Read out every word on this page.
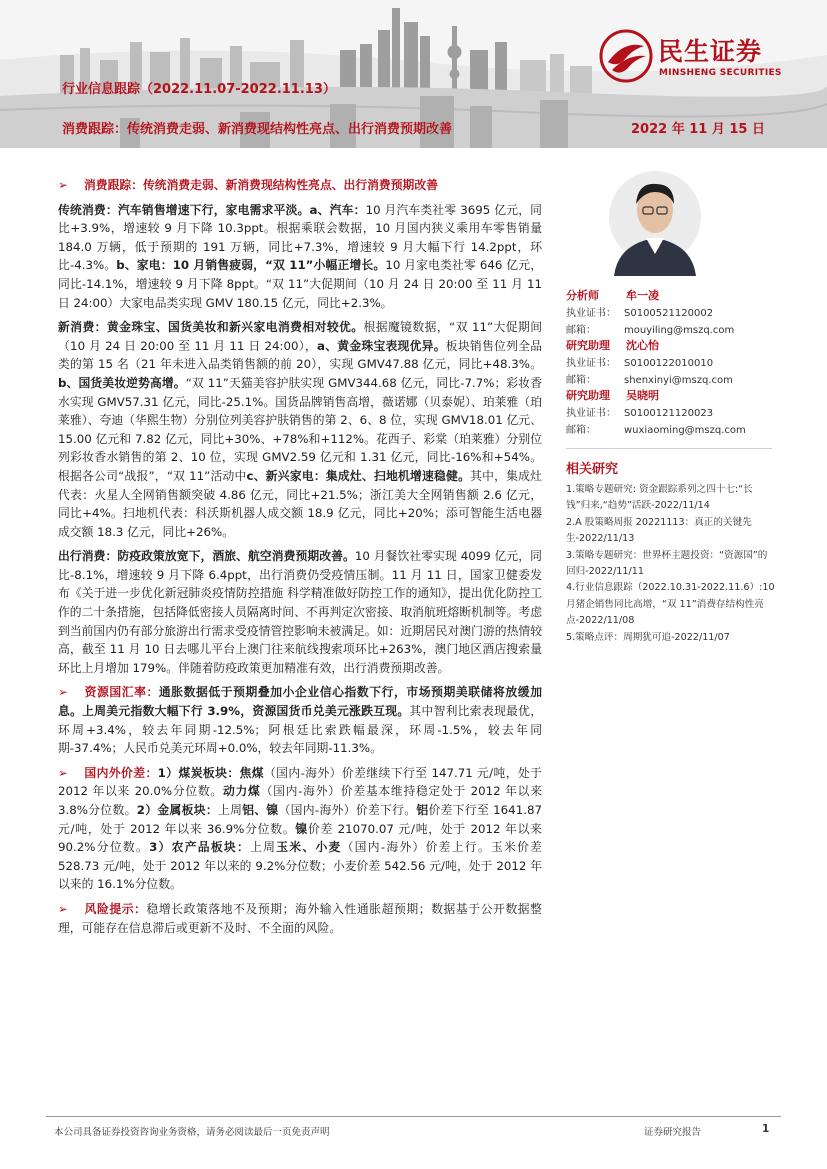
民生证券
MINSHENG SECURITIES
行业信息跟踪（2022.11.07-2022.11.13）
消费跟踪：传统消费走弱、新消费现结构性亮点、出行消费预期改善	2022 年 11 月 15 日

➢ 消费跟踪：传统消费走弱、新消费现结构性亮点、出行消费预期改善

传统消费：汽车销售增速下行，家电需求平淡。a、汽车：10 月汽车类社零 3695 亿元，同比+3.9%，增速较 9 月下降 10.3ppt。根据乘联会数据，10 月国内狭义乘用车零售销量 184.0 万辆，低于预期的 191 万辆，同比+7.3%，增速较 9 月大幅下行 14.2ppt，环比-4.3%。b、家电：10 月销售疲弱，“双 11”小幅正增长。10 月家电类社零 646 亿元，同比-14.1%，增速较 9 月下降 8ppt。“双 11”大促期间（10 月 24 日 20:00 至 11 月 11 日 24:00）大家电品类实现 GMV 180.15 亿元，同比+2.3%。

新消费：黄金珠宝、国货美妆和新兴家电消费相对较优。根据魔镜数据，“双 11”大促期间（10 月 24 日 20:00 至 11 月 11 日 24:00），a、黄金珠宝表现优异。板块销售位列全品类的第 15 名（21 年未进入品类销售额的前 20），实现 GMV47.88 亿元，同比+48.3%。b、国货美妆逆势高增。“双 11”天猫美容护肤实现 GMV344.68 亿元，同比-7.7%；彩妆香水实现 GMV57.31 亿元，同比-25.1%。国货品牌销售高增，薇诺娜（贝泰妮）、珀莱雅（珀莱雅）、夸迪（华熙生物）分别位列美容护肤销售的第 2、6、8 位，实现 GMV18.01 亿元、15.00 亿元和 7.82 亿元，同比+30%、+78%和+112%。花西子、彩棠（珀莱雅）分别位列彩妆香水销售的第 2、10 位，实现 GMV2.59 亿元和 1.31 亿元，同比-16%和+54%。根据各公司“战报”，“双 11”活动中c、新兴家电：集成灶、扫地机增速稳健。其中，集成灶代表：火星人全网销售额突破 4.86 亿元，同比+21.5%；浙江美大全网销售额 2.6 亿元，同比+4%。扫地机代表：科沃斯机器人成交额 18.9 亿元，同比+20%；添可智能生活电器成交额 18.3 亿元，同比+26%。

出行消费：防疫政策放宽下，酒旅、航空消费预期改善。10 月餐饮社零实现 4099 亿元，同比-8.1%，增速较 9 月下降 6.4ppt，出行消费仍受疫情压制。11 月 11 日，国家卫健委发布《关于进一步优化新冠肺炎疫情防控措施 科学精准做好防控工作的通知》，提出优化防控工作的二十条措施，包括降低密接人员隔离时间、不再判定次密接、取消航班熔断机制等。考虑到当前国内仍有部分旅游出行需求受疫情管控影响未被满足。如：近期居民对澳门游的热情较高，截至 11 月 10 日去哪儿平台上澳门往来航线搜索项环比+263%，澳门地区酒店搜索量环比上月增加 179%。伴随着防疫政策更加精准有效，出行消费预期改善。

➢ 资源国汇率：通胀数据低于预期叠加小企业信心指数下行，市场预期美联储将放缓加息。上周美元指数大幅下行 3.9%，资源国货币兑美元涨跌互现。其中智利比索表现最优，环周+3.4%，较去年同期-12.5%；阿根廷比索跌幅最深，环周-1.5%，较去年同期-37.4%；人民币兑美元环周+0.0%，较去年同期-11.3%。

➢ 国内外价差：1）煤炭板块：焦煤（国内-海外）价差继续下行至 147.71 元/吨，处于 2012 年以来 20.0%分位数。动力煤（国内-海外）价差基本维持稳定处于 2012 年以来 3.8%分位数。2）金属板块：上周铝、镍（国内-海外）价差下行。铝价差下行至 1641.87 元/吨，处于 2012 年以来 36.9%分位数。镍价差 21070.07 元/吨，处于 2012 年以来 90.2%分位数。3）农产品板块：上周玉米、小麦（国内-海外）价差上行。玉米价差 528.73 元/吨，处于 2012 年以来的 9.2%分位数；小麦价差 542.56 元/吨，处于 2012 年以来的 16.1%分位数。

➢ 风险提示：稳增长政策落地不及预期；海外输入性通胀超预期；数据基于公开数据整理，可能存在信息滞后或更新不及时、不全面的风险。

分析师 牟一凌
执业证书： S0100521120002
邮箱：	mouyiling@mszq.com
研究助理 沈心怡
执业证书： S0100122010010
邮箱：	shenxinyi@mszq.com
研究助理 吴晓明
执业证书： S0100121120023
邮箱：	wuxiaoming@mszq.com
相关研究
1.策略专题研究: 资金跟踪系列之四十七:“长钱”归来,“趋势”活跃-2022/11/14
2.A 股策略周报 20221113：真正的关键先生-2022/11/13
3.策略专题研究：世界杯主题投资：“资源国”的回归-2022/11/11
4.行业信息跟踪（2022.10.31-2022.11.6）:10 月猪企销售同比高增，“双 11”消费存结构性亮点-2022/11/08
5.策略点评：周期犹可追-2022/11/07
本公司具备证券投资咨询业务资格，请务必阅读最后一页免责声明	证券研究报告	1
